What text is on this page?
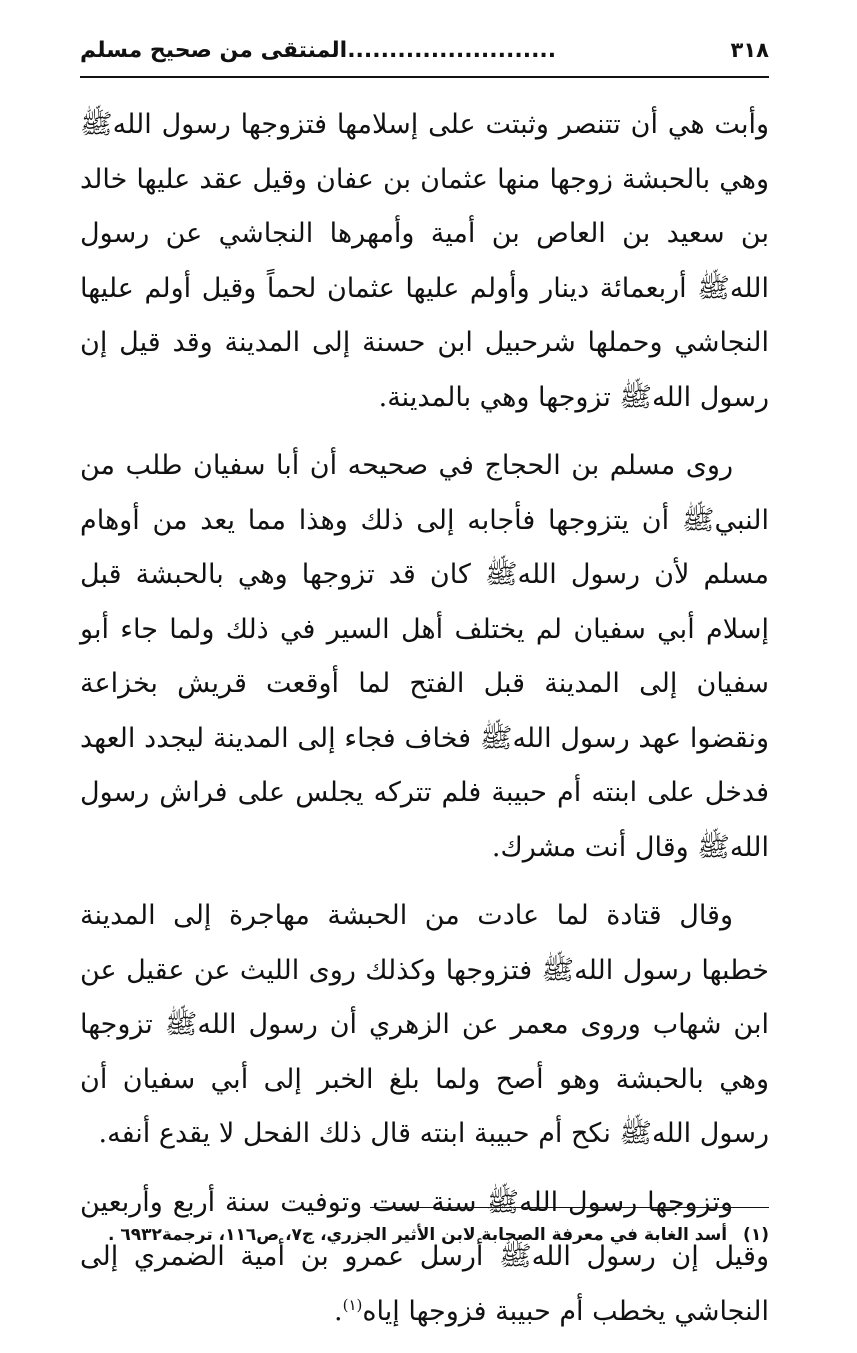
٣١٨
.........................المنتقى من صحيح مسلم

وأبت هي أن تتنصر وثبتت على إسلامها فتزوجها رسول اللهﷺ وهي بالحبشة زوجها منها عثمان بن عفان وقيل عقد عليها خالد بن سعيد بن العاص بن أمية وأمهرها النجاشي عن رسول اللهﷺ أربعمائة دينار وأولم عليها عثمان لحماً وقيل أولم عليها النجاشي وحملها شرحبيل ابن حسنة إلى المدينة وقد قيل إن رسول اللهﷺ تزوجها وهي بالمدينة.

روى مسلم بن الحجاج في صحيحه أن أبا سفيان طلب من النبيﷺ أن يتزوجها فأجابه إلى ذلك وهذا مما يعد من أوهام مسلم لأن رسول اللهﷺ كان قد تزوجها وهي بالحبشة قبل إسلام أبي سفيان لم يختلف أهل السير في ذلك ولما جاء أبو سفيان إلى المدينة قبل الفتح لما أوقعت قريش بخزاعة ونقضوا عهد رسول اللهﷺ فخاف فجاء إلى المدينة ليجدد العهد فدخل على ابنته أم حبيبة فلم تتركه يجلس على فراش رسول اللهﷺ وقال أنت مشرك.

وقال قتادة لما عادت من الحبشة مهاجرة إلى المدينة خطبها رسول اللهﷺ فتزوجها وكذلك روى الليث عن عقيل عن ابن شهاب وروى معمر عن الزهري أن رسول اللهﷺ تزوجها وهي بالحبشة وهو أصح ولما بلغ الخبر إلى أبي سفيان أن رسول اللهﷺ نكح أم حبيبة ابنته قال ذلك الفحل لا يقدع أنفه.

وتزوجها رسول اللهﷺ سنة ست وتوفيت سنة أربع وأربعين وقيل إن رسول اللهﷺ أرسل عمرو بن أمية الضمري إلى النجاشي يخطب أم حبيبة فزوجها إياه$^{(١)}$.

(١) أسد الغابة في معرفة الصحابة لابن الأثير الجزري، ج٧، ص١١٦، ترجمة٦٩٣٢ .
